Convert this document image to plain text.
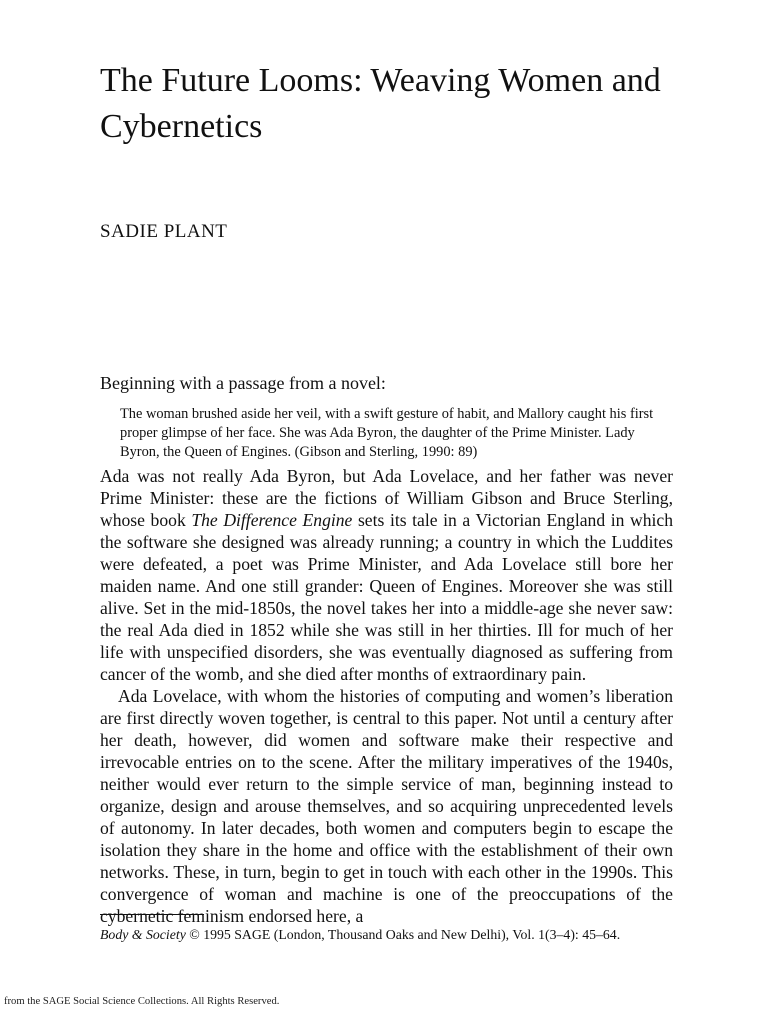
The Future Looms: Weaving Women and Cybernetics

SADIE PLANT

Beginning with a passage from a novel:

The woman brushed aside her veil, with a swift gesture of habit, and Mallory caught his first proper glimpse of her face. She was Ada Byron, the daughter of the Prime Minister. Lady Byron, the Queen of Engines. (Gibson and Sterling, 1990: 89)

Ada was not really Ada Byron, but Ada Lovelace, and her father was never Prime Minister: these are the fictions of William Gibson and Bruce Sterling, whose book The Difference Engine sets its tale in a Victorian England in which the software she designed was already running; a country in which the Luddites were defeated, a poet was Prime Minister, and Ada Lovelace still bore her maiden name. And one still grander: Queen of Engines. Moreover she was still alive. Set in the mid-1850s, the novel takes her into a middle-age she never saw: the real Ada died in 1852 while she was still in her thirties. Ill for much of her life with unspecified disorders, she was eventually diagnosed as suffering from cancer of the womb, and she died after months of extraordinary pain.

Ada Lovelace, with whom the histories of computing and women’s liberation are first directly woven together, is central to this paper. Not until a century after her death, however, did women and software make their respective and irrevocable entries on to the scene. After the military imperatives of the 1940s, neither would ever return to the simple service of man, beginning instead to organize, design and arouse themselves, and so acquiring unprecedented levels of autonomy. In later decades, both women and computers begin to escape the isolation they share in the home and office with the establishment of their own networks. These, in turn, begin to get in touch with each other in the 1990s. This convergence of woman and machine is one of the preoccupations of the cybernetic feminism endorsed here, a

Body & Society © 1995 SAGE (London, Thousand Oaks and New Delhi), Vol. 1(3–4): 45–64.

from the SAGE Social Science Collections. All Rights Reserved.
